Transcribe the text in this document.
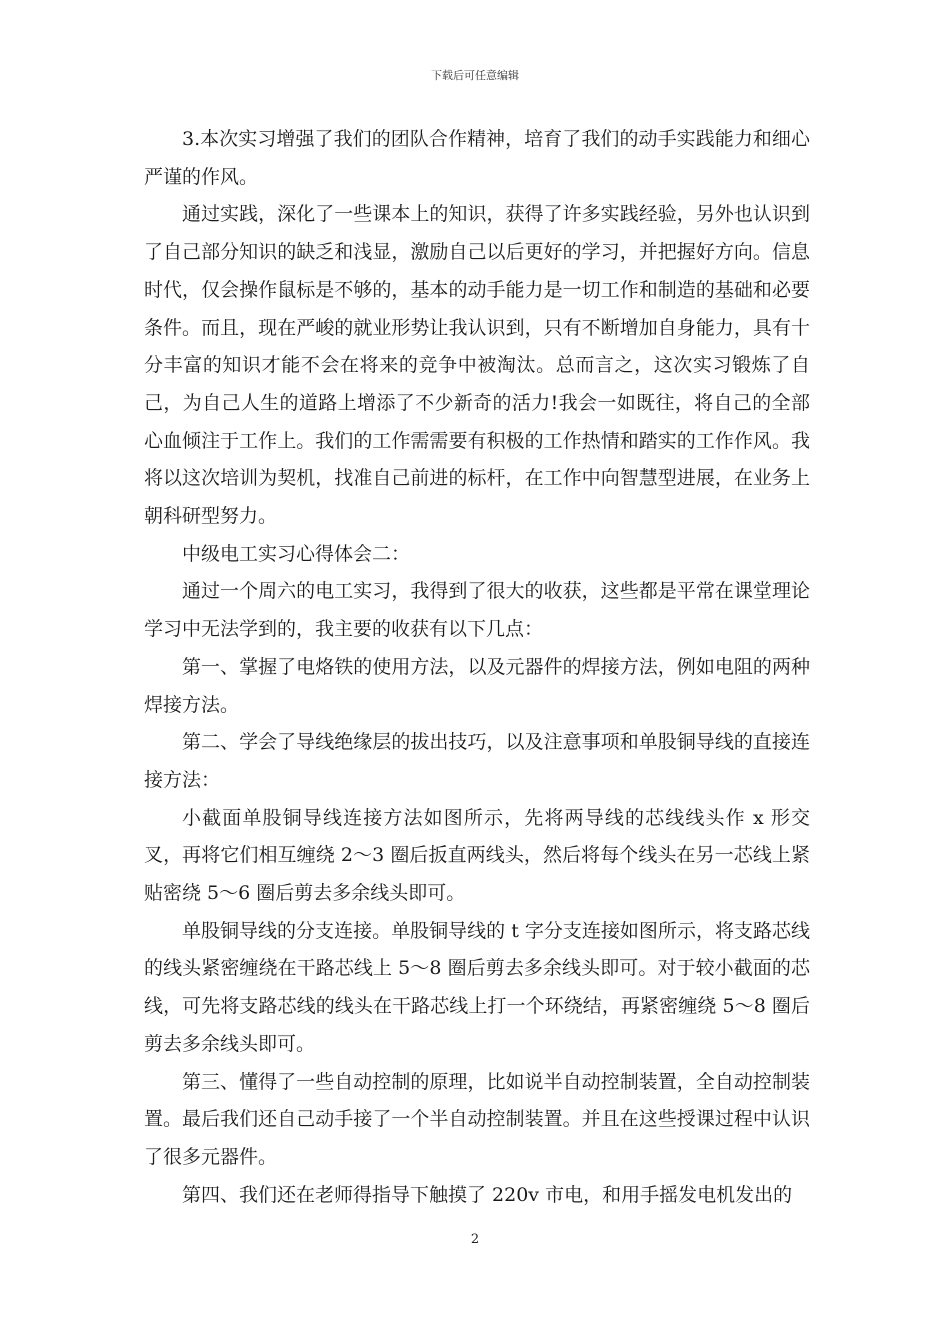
下载后可任意编辑

3.本次实习增强了我们的团队合作精神，培育了我们的动手实践能力和细心严谨的作风。

通过实践，深化了一些课本上的知识，获得了许多实践经验，另外也认识到了自己部分知识的缺乏和浅显，激励自己以后更好的学习，并把握好方向。信息时代，仅会操作鼠标是不够的，基本的动手能力是一切工作和制造的基础和必要条件。而且，现在严峻的就业形势让我认识到，只有不断增加自身能力，具有十分丰富的知识才能不会在将来的竞争中被淘汰。总而言之，这次实习锻炼了自己，为自己人生的道路上增添了不少新奇的活力!我会一如既往，将自己的全部心血倾注于工作上。我们的工作需需要有积极的工作热情和踏实的工作作风。我将以这次培训为契机，找准自己前进的标杆，在工作中向智慧型进展，在业务上朝科研型努力。

中级电工实习心得体会二：

通过一个周六的电工实习，我得到了很大的收获，这些都是平常在课堂理论学习中无法学到的，我主要的收获有以下几点：

第一、掌握了电烙铁的使用方法，以及元器件的焊接方法，例如电阻的两种焊接方法。

第二、学会了导线绝缘层的拔出技巧，以及注意事项和单股铜导线的直接连接方法：

小截面单股铜导线连接方法如图所示，先将两导线的芯线线头作 x 形交叉，再将它们相互缠绕 2～3 圈后扳直两线头，然后将每个线头在另一芯线上紧贴密绕 5～6 圈后剪去多余线头即可。

单股铜导线的分支连接。单股铜导线的 t 字分支连接如图所示，将支路芯线的线头紧密缠绕在干路芯线上 5～8 圈后剪去多余线头即可。对于较小截面的芯线，可先将支路芯线的线头在干路芯线上打一个环绕结，再紧密缠绕 5～8 圈后剪去多余线头即可。

第三、懂得了一些自动控制的原理，比如说半自动控制装置，全自动控制装置。最后我们还自己动手接了一个半自动控制装置。并且在这些授课过程中认识了很多元器件。

第四、我们还在老师得指导下触摸了 220v 市电，和用手摇发电机发出的

2
